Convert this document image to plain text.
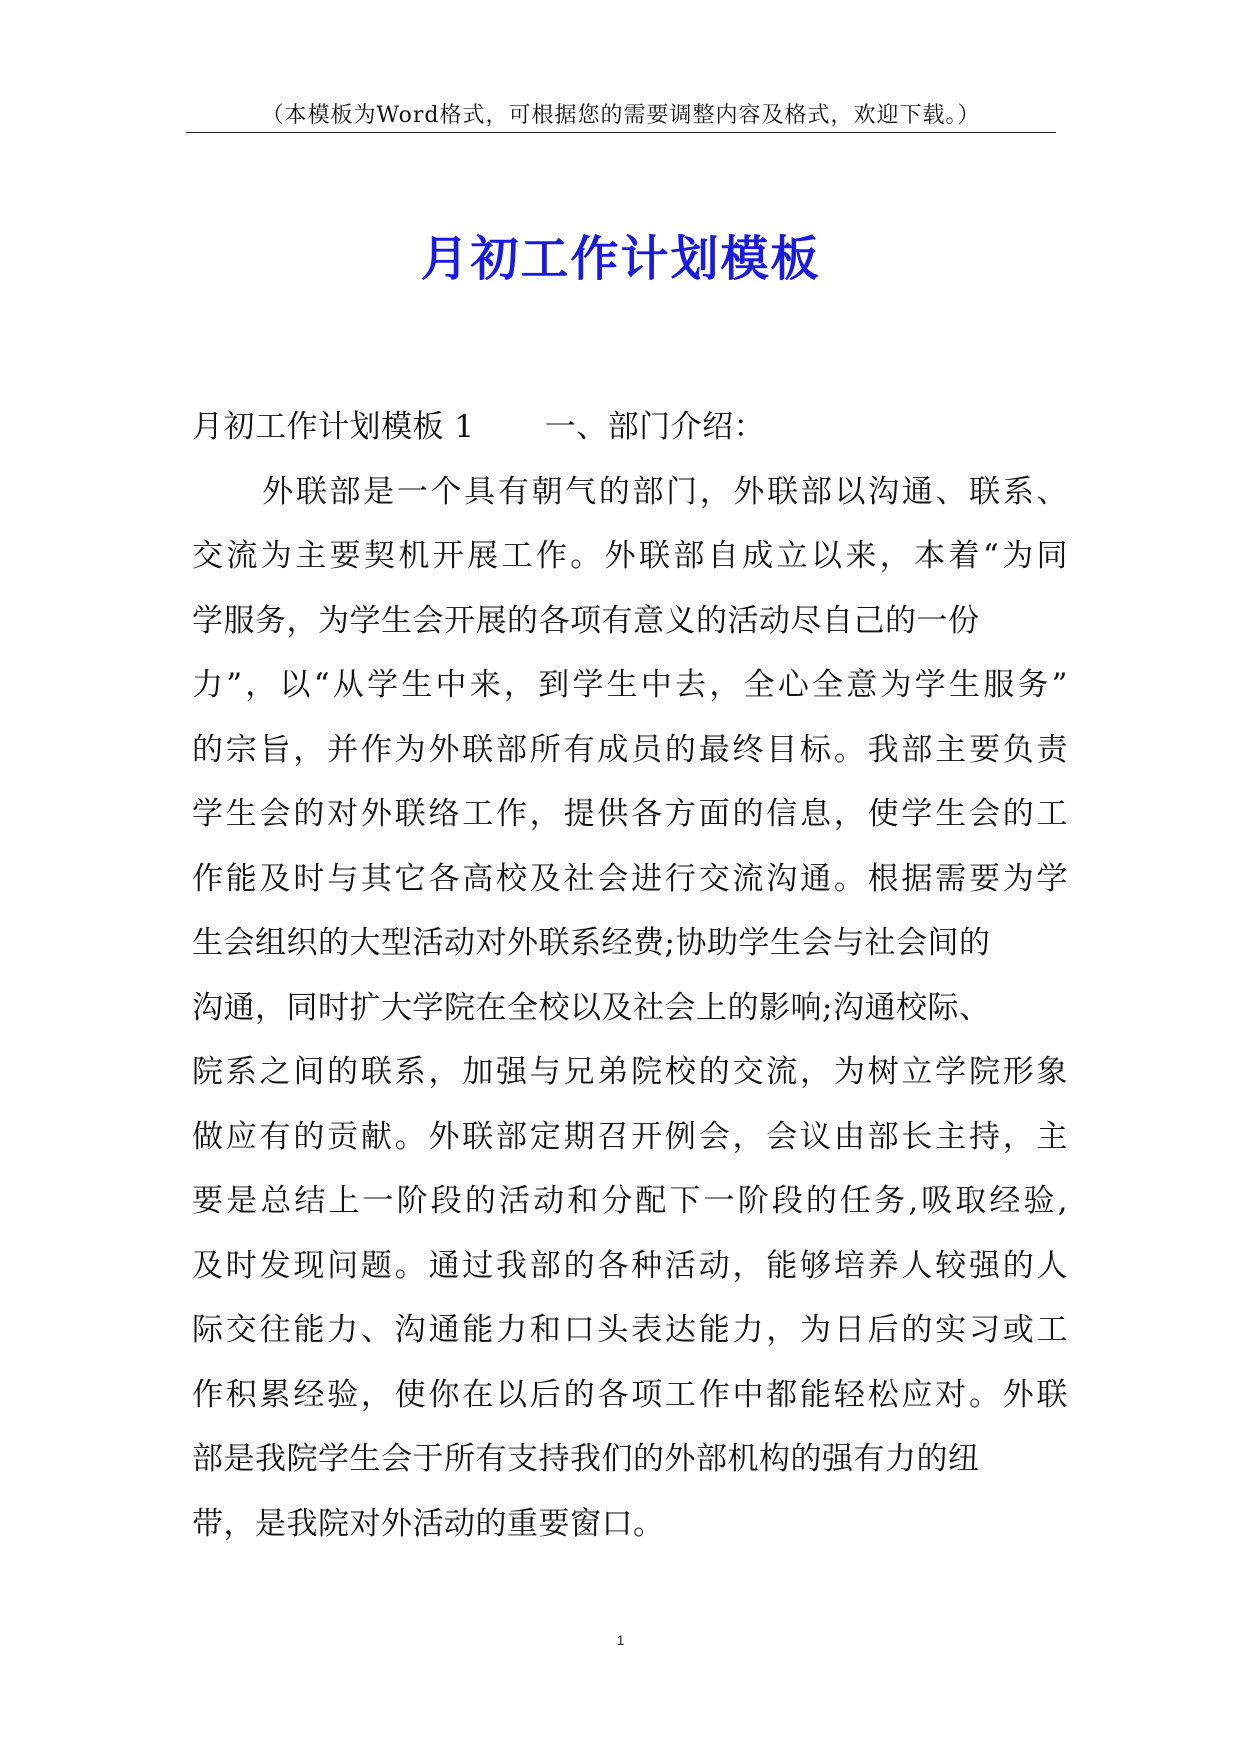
（本模板为Word格式，可根据您的需要调整内容及格式，欢迎下载。）
月初工作计划模板
月初工作计划模板 1 一、部门介绍：
外联部是一个具有朝气的部门，外联部以沟通、联系、
交流为主要契机开展工作。外联部自成立以来，本着“为同
学服务，为学生会开展的各项有意义的活动尽自己的一份
力”，以“从学生中来，到学生中去，全心全意为学生服务”
的宗旨，并作为外联部所有成员的最终目标。我部主要负责
学生会的对外联络工作，提供各方面的信息，使学生会的工
作能及时与其它各高校及社会进行交流沟通。根据需要为学
生会组织的大型活动对外联系经费;协助学生会与社会间的
沟通，同时扩大学院在全校以及社会上的影响;沟通校际、
院系之间的联系，加强与兄弟院校的交流，为树立学院形象
做应有的贡献。外联部定期召开例会，会议由部长主持，主
要是总结上一阶段的活动和分配下一阶段的任务,吸取经验,
及时发现问题。通过我部的各种活动，能够培养人较强的人
际交往能力、沟通能力和口头表达能力，为日后的实习或工
作积累经验，使你在以后的各项工作中都能轻松应对。外联
部是我院学生会于所有支持我们的外部机构的强有力的纽
带，是我院对外活动的重要窗口。
1
